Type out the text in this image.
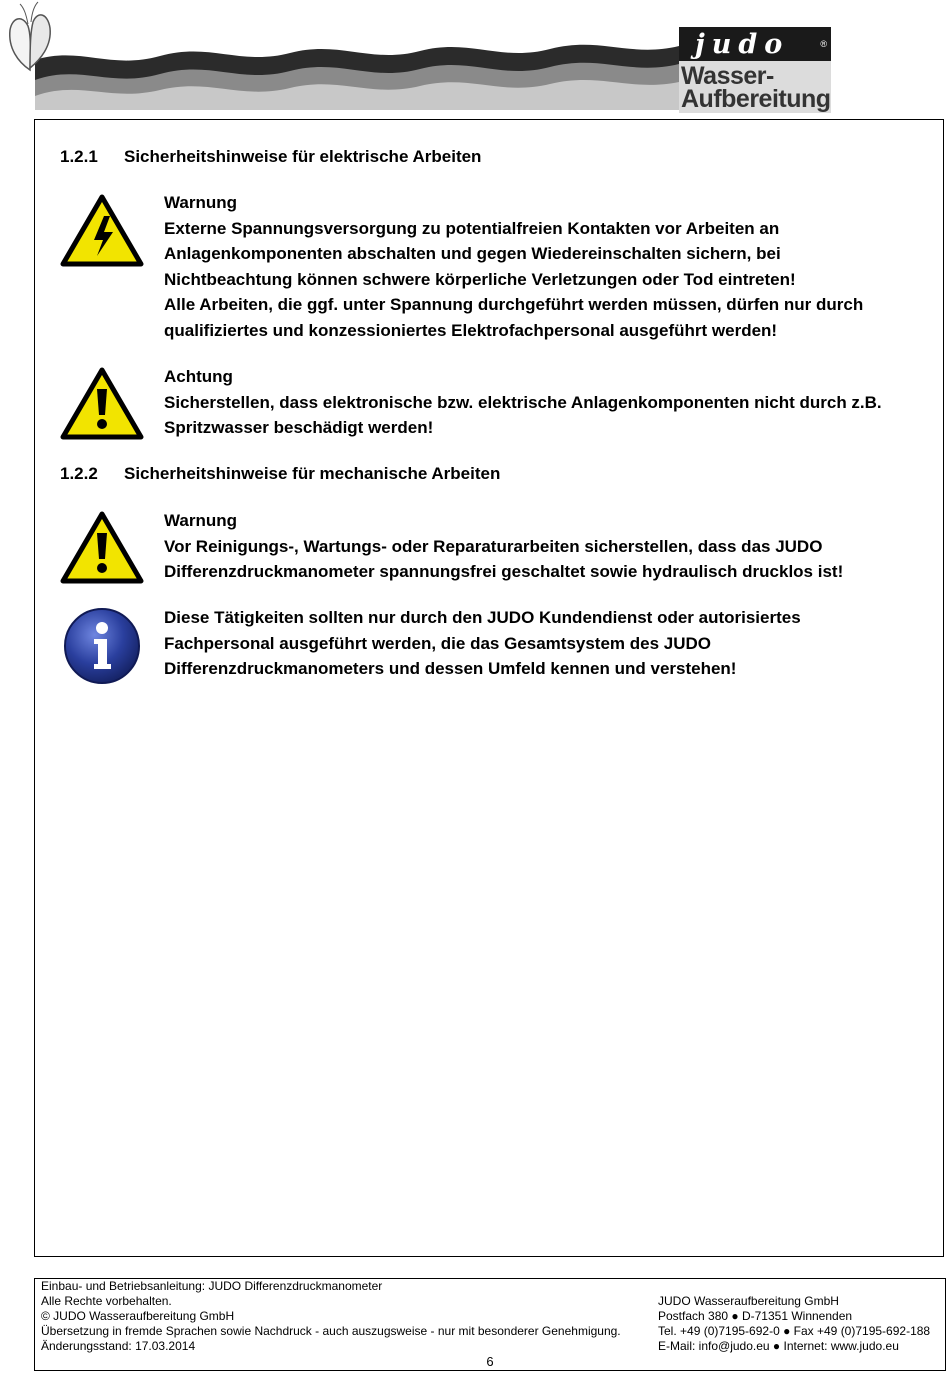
judo	®
Wasser-
Aufbereitung
1.2.1 Sicherheitshinweise für elektrische Arbeiten

Warnung

Externe Spannungsversorgung zu potentialfreien Kontakten vor Arbeiten an

Anlagenkomponenten abschalten und gegen Wiedereinschalten sichern, bei

Nichtbeachtung können schwere körperliche Verletzungen oder Tod eintreten!

Alle Arbeiten, die ggf. unter Spannung durchgeführt werden müssen, dürfen nur durch

qualifiziertes und konzessioniertes Elektrofachpersonal ausgeführt werden!

Achtung

Sicherstellen, dass elektronische bzw. elektrische Anlagenkomponenten nicht durch z.B.

Spritzwasser beschädigt werden!

1.2.2 Sicherheitshinweise für mechanische Arbeiten

Warnung

Vor Reinigungs-, Wartungs- oder Reparaturarbeiten sicherstellen, dass das JUDO

Differenzdruckmanometer spannungsfrei geschaltet sowie hydraulisch drucklos ist!

Diese Tätigkeiten sollten nur durch den JUDO Kundendienst oder autorisiertes

Fachpersonal ausgeführt werden, die das Gesamtsystem des JUDO

Differenzdruckmanometers und dessen Umfeld kennen und verstehen!

Einbau- und Betriebsanleitung: JUDO Differenzdruckmanometer
Alle Rechte vorbehalten.
© JUDO Wasseraufbereitung GmbH
Übersetzung in fremde Sprachen sowie Nachdruck - auch auszugsweise - nur mit besonderer Genehmigung.
Änderungsstand: 17.03.2014
JUDO Wasseraufbereitung GmbH
Postfach 380 ● D-71351 Winnenden
Tel. +49 (0)7195-692-0 ● Fax +49 (0)7195-692-188
E-Mail: info@judo.eu ● Internet: www.judo.eu
6
